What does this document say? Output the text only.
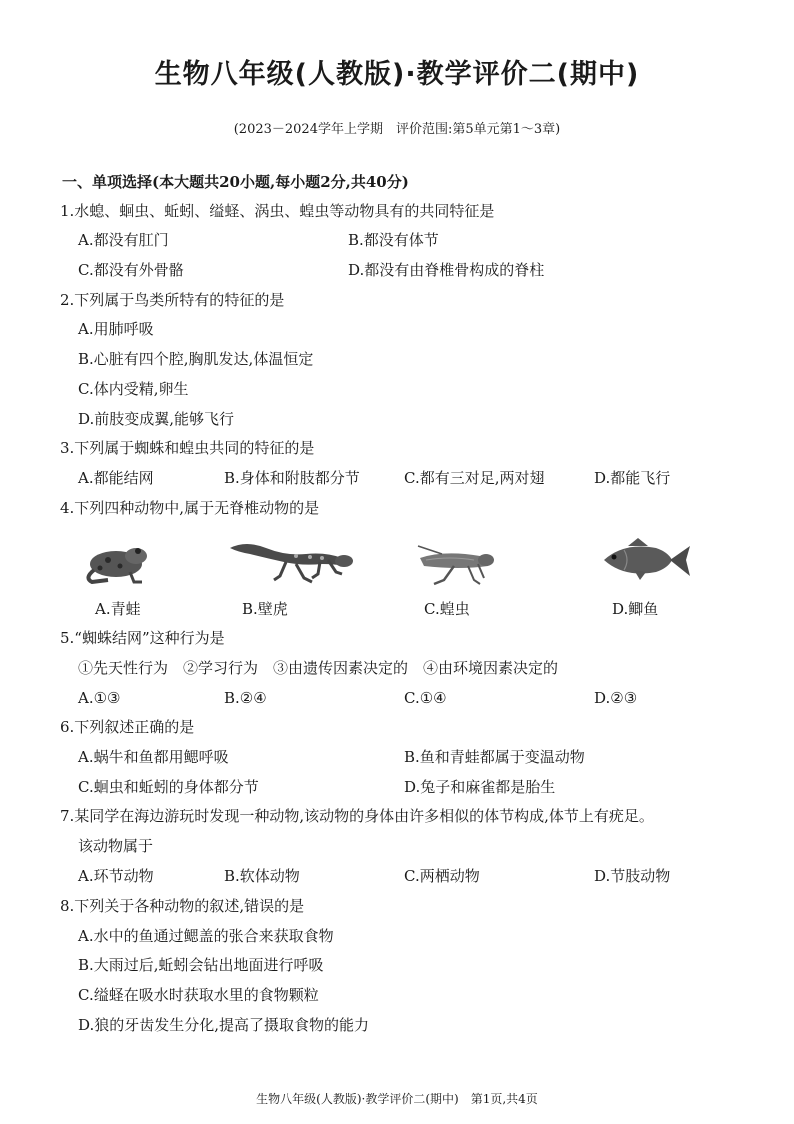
生物八年级(人教版)·教学评价二(期中)
(2023－2024学年上学期　评价范围:第5单元第1～3章)
一、单项选择(本大题共20小题,每小题2分,共40分)
1.水螅、蛔虫、蚯蚓、缢蛏、涡虫、蝗虫等动物具有的共同特征是
A.都没有肛门	B.都没有体节
C.都没有外骨骼	D.都没有由脊椎骨构成的脊柱
2.下列属于鸟类所特有的特征的是
A.用肺呼吸
B.心脏有四个腔,胸肌发达,体温恒定
C.体内受精,卵生
D.前肢变成翼,能够飞行
3.下列属于蜘蛛和蝗虫共同的特征的是
A.都能结网	B.身体和附肢都分节	C.都有三对足,两对翅	D.都能飞行
4.下列四种动物中,属于无脊椎动物的是
A.青蛙	B.壁虎	C.蝗虫	D.鲫鱼
5.“蜘蛛结网”这种行为是
①先天性行为　②学习行为　③由遗传因素决定的　④由环境因素决定的
A.①③	B.②④	C.①④	D.②③
6.下列叙述正确的是
A.蜗牛和鱼都用鳃呼吸	B.鱼和青蛙都属于变温动物
C.蛔虫和蚯蚓的身体都分节	D.兔子和麻雀都是胎生
7.某同学在海边游玩时发现一种动物,该动物的身体由许多相似的体节构成,体节上有疣足。
该动物属于
A.环节动物	B.软体动物	C.两栖动物	D.节肢动物
8.下列关于各种动物的叙述,错误的是
A.水中的鱼通过鳃盖的张合来获取食物
B.大雨过后,蚯蚓会钻出地面进行呼吸
C.缢蛏在吸水时获取水里的食物颗粒
D.狼的牙齿发生分化,提高了摄取食物的能力
生物八年级(人教版)·教学评价二(期中)　第1页,共4页
